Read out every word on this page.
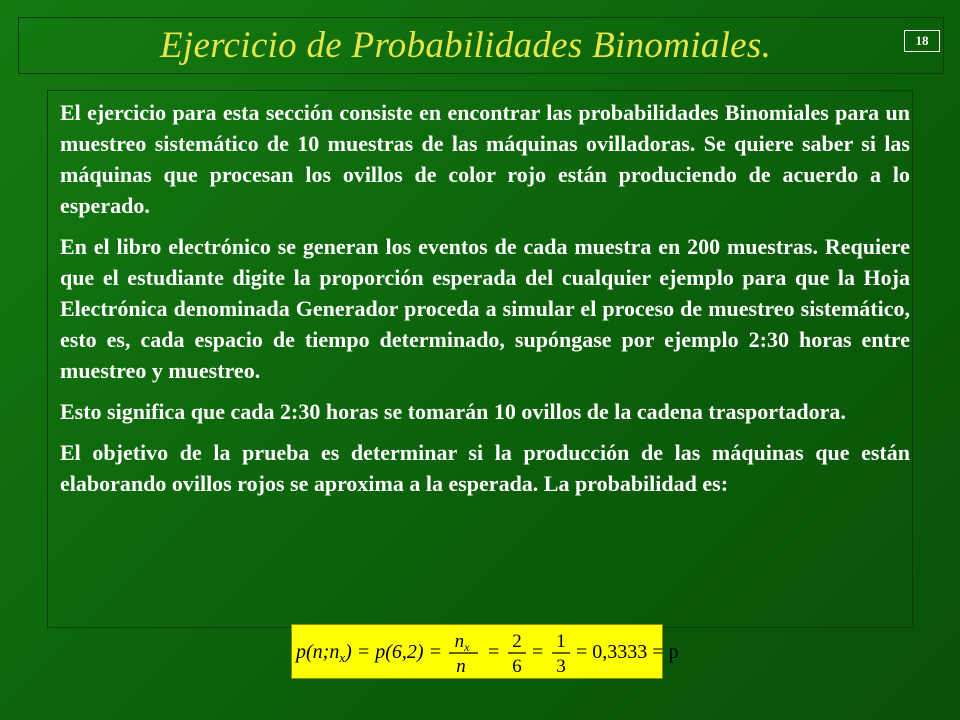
Ejercicio de Probabilidades Binomiales.	18

El ejercicio para esta sección consiste en encontrar las probabilidades Binomiales para un muestreo sistemático de 10 muestras de las máquinas ovilladoras. Se quiere saber si las máquinas que procesan los ovillos de color rojo están produciendo de acuerdo a lo esperado.

En el libro electrónico se generan los eventos de cada muestra en 200 muestras. Requiere que el estudiante digite la proporción esperada del cualquier ejemplo para que la Hoja Electrónica denominada Generador proceda a simular el proceso de muestreo sistemático, esto es, cada espacio de tiempo determinado, supóngase por ejemplo 2:30 horas entre muestreo y muestreo.

Esto significa que cada 2:30 horas se tomarán 10 ovillos de la cadena trasportadora.

El objetivo de la prueba es determinar si la producción de las máquinas que están elaborando ovillos rojos se aproxima a la esperada. La probabilidad es:

$p(n;n_x) = p(6,2) = n_x$
n
= 2
6
= 1
3
= 0,3333 = p
